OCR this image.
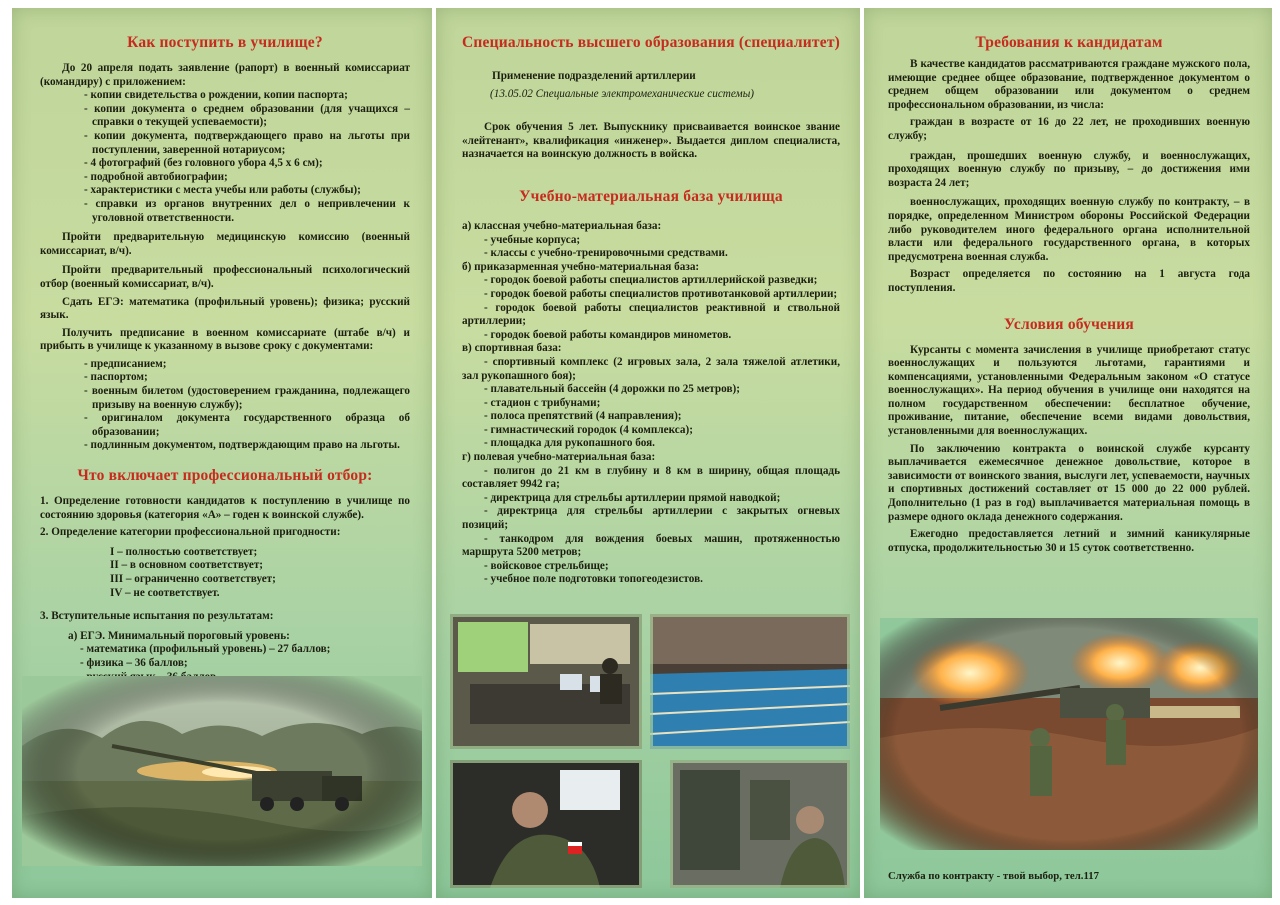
Как поступить в училище?

До 20 апреля подать заявление (рапорт) в военный комиссариат (командиру) с приложением:

- копии свидетельства о рождении, копии паспорта;

- копии документа о среднем образовании (для учащихся – справки о текущей успеваемости);

- копии документа, подтверждающего право на льготы при поступлении, заверенной нотариусом;

- 4 фотографий (без головного убора 4,5 х 6 см);

- подробной автобиографии;

- характеристики с места учебы или работы (службы);

- справки из органов внутренних дел о непривлечении к уголовной ответственности.

Пройти предварительную медицинскую комиссию (военный комиссариат, в/ч).

Пройти предварительный профессиональный психологический отбор (военный комиссариат, в/ч).

Сдать ЕГЭ: математика (профильный уровень); физика; русский язык.

Получить предписание в военном комиссариате (штабе в/ч) и прибыть в училище к указанному в вызове сроку с документами:

- предписанием;

- паспортом;

- военным билетом (удостоверением гражданина, подлежащего призыву на военную службу);

- оригиналом документа государственного образца об образовании;

- подлинным документом, подтверждающим право на льготы.

Что включает профессиональный отбор:

1. Определение готовности кандидатов к поступлению в училище по состоянию здоровья (категория «А» – годен к воинской службе).

2. Определение категории профессиональной пригодности:

I – полностью соответствует;

II – в основном соответствует;

III – ограниченно соответствует;

IV – не соответствует.

3. Вступительные испытания по результатам:

а) ЕГЭ. Минимальный пороговый уровень:

- математика (профильный уровень) – 27 баллов;

- физика – 36 баллов;

Специальность высшего образования (специалитет)

Применение подразделений артиллерии

(13.05.02 Специальные электромеханические системы)

Срок обучения 5 лет. Выпускнику присваивается воинское звание «лейтенант», квалификация «инженер». Выдается диплом специалиста, назначается на воинскую должность в войска.

Учебно-материальная база училища

а) классная учебно-материальная база:

- учебные корпуса;

- классы с учебно-тренировочными средствами.

б) приказарменная учебно-материальная база:

- городок боевой работы специалистов артиллерийской разведки;

- городок боевой работы специалистов противотанковой артиллерии;

- городок боевой работы специалистов реактивной и ствольной артиллерии;

- городок боевой работы командиров минометов.

в) спортивная база:

- спортивный комплекс (2 игровых зала, 2 зала тяжелой атлетики, зал рукопашного боя);

- плавательный бассейн (4 дорожки по 25 метров);

- стадион с трибунами;

- полоса препятствий (4 направления);

- гимнастический городок (4 комплекса);

- площадка для рукопашного боя.

г) полевая учебно-материальная база:

- полигон до 21 км в глубину и 8 км в ширину, общая площадь составляет 9942 га;

- директрица для стрельбы артиллерии прямой наводкой;

- директрица для стрельбы артиллерии с закрытых огневых позиций;

- танкодром для вождения боевых машин, протяженностью маршрута 5200 метров;

- войсковое стрельбище;

- учебное поле подготовки топогеодезистов.

Требования к кандидатам

В качестве кандидатов рассматриваются граждане мужского пола, имеющие среднее общее образование, подтвержденное документом о среднем общем образовании или документом о среднем профессиональном образовании, из числа:

граждан в возрасте от 16 до 22 лет, не проходивших военную службу;

граждан, прошедших военную службу, и военнослужащих, проходящих военную службу по призыву, – до достижения ими возраста 24 лет;

военнослужащих, проходящих военную службу по контракту, – в порядке, определенном Министром обороны Российской Федерации либо руководителем иного федерального органа исполнительной власти или федерального государственного органа, в которых предусмотрена военная служба.

Возраст определяется по состоянию на 1 августа года поступления.

Условия обучения

Курсанты с момента зачисления в училище приобретают статус военнослужащих и пользуются льготами, гарантиями и компенсациями, установленными Федеральным законом «О статусе военнослужащих». На период обучения в училище они находятся на полном государственном обеспечении: бесплатное обучение, проживание, питание, обеспечение всеми видами довольствия, установленными для военнослужащих.

По заключению контракта о воинской службе курсанту выплачивается ежемесячное денежное довольствие, которое в зависимости от воинского звания, выслуги лет, успеваемости, научных и спортивных достижений составляет от 15 000 до 22 000 рублей. Дополнительно (1 раз в год) выплачивается материальная помощь в размере одного оклада денежного содержания.

Ежегодно предоставляется летний и зимний каникулярные отпуска, продолжительностью 30 и 15 суток соответственно.

Служба по контракту - твой выбор, тел.117
